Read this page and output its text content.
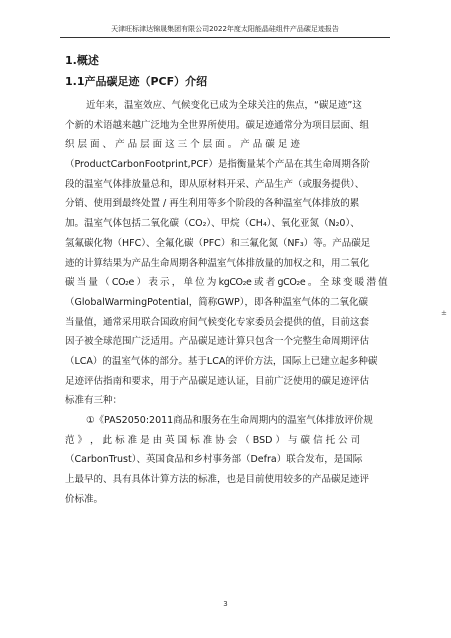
天津旺标津达锦晟集团有限公司2022年度太阳能晶硅组件产品碳足迹报告
1.概述
1.1产品碳足迹（PCF）介绍
近年来，温室效应、气候变化已成为全球关注的焦点，“碳足迹”这
个新的术语越来越广泛地为全世界所使用。碳足迹通常分为项目层面、组
织 层 面 、 产 品 层 面 这 三 个 层 面 。 产 品 碳 足 迹
（ProductCarbonFootprint,PCF）是指衡量某个产品在其生命周期各阶
段的温室气体排放量总和，即从原材料开采、产品生产（或服务提供）、
分销、使用到最终处置 / 再生利用等多个阶段的各种温室气体排放的累
加。温室气体包括二氧化碳（CO₂）、甲烷（CH₄）、氧化亚氮（N₂0）、
氢氟碳化物（HFC）、全氟化碳（PFC）和三氟化氮（NF₃）等。产品碳足
迹的计算结果为产品生命周期各种温室气体排放量的加权之和，用二氧化
碳 当 量 （ CO₂e ） 表 示 ， 单 位 为 kgCO₂e 或 者 gCO₂e 。 全 球 变 暖 潜 值
（GlobalWarmingPotential，简称GWP），即各种温室气体的二氧化碳
当量值，通常采用联合国政府间气候变化专家委员会提供的值，目前这套
因子被全球范围广泛适用。产品碳足迹计算只包含一个完整生命周期评估
（LCA）的温室气体的部分。基于LCA的评价方法，国际上已建立起多种碳
足迹评估指南和要求，用于产品碳足迹认证，目前广泛使用的碳足迹评估
标准有三种：
①《PAS2050:2011商品和服务在生命周期内的温室气体排放评价规
范 》 ， 此 标 准 是 由 英 国 标 准 协 会 （ BSD ） 与 碳 信 托 公 司
（CarbonTrust）、英国食品和乡村事务部（Defra）联合发布，是国际
上最早的、具有具体计算方法的标准，也是目前使用较多的产品碳足迹评
价标准。
±
3
